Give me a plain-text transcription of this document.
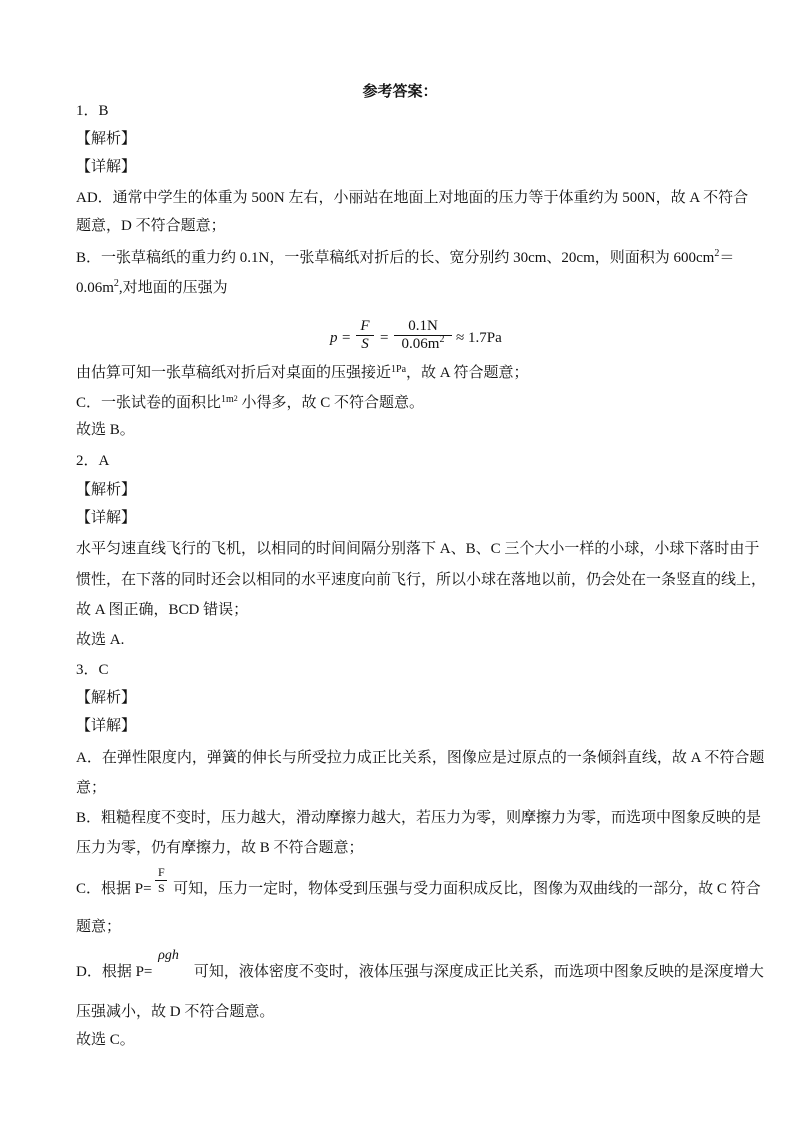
参考答案：
1．B
【解析】
【详解】
AD．通常中学生的体重为 500N 左右，小丽站在地面上对地面的压力等于体重约为 500N，故 A 不符合
题意，D 不符合题意；
B．一张草稿纸的重力约 0.1N，一张草稿纸对折后的长、宽分别约 30cm、20cm，则面积为 $600cm^2=$
$0.06m^2$,对地面的压强为
$p = \frac{F}{S} = \frac{0.1N}{0.06m^2} \approx 1.7Pa$
由估算可知一张草稿纸对折后对桌面的压强接近$^{1Pa}$，故 A 符合题意；
C．一张试卷的面积比$^{1m2}$ 小得多，故 C 不符合题意。
故选 B。
2．A
【解析】
【详解】
水平匀速直线飞行的飞机，以相同的时间间隔分别落下 A、B、C 三个大小一样的小球，小球下落时由于
惯性，在下落的同时还会以相同的水平速度向前飞行，所以小球在落地以前，仍会处在一条竖直的线上，
故 A 图正确，BCD 错误；
故选 A.
3．C
【解析】
【详解】
A．在弹性限度内，弹簧的伸长与所受拉力成正比关系，图像应是过原点的一条倾斜直线，故 A 不符合题
意；
B．粗糙程度不变时，压力越大，滑动摩擦力越大，若压力为零，则摩擦力为零，而选项中图象反映的是
压力为零，仍有摩擦力，故 B 不符合题意；
C．根据 $P= \frac{F}{S}$ 可知，压力一定时，物体受到压强与受力面积成反比，图像为双曲线的一部分，故 C 符合
题意；
D．根据 P=
ρgh
可知，液体密度不变时，液体压强与深度成正比关系，而选项中图象反映的是深度增大
压强减小，故 D 不符合题意。
故选 C。
